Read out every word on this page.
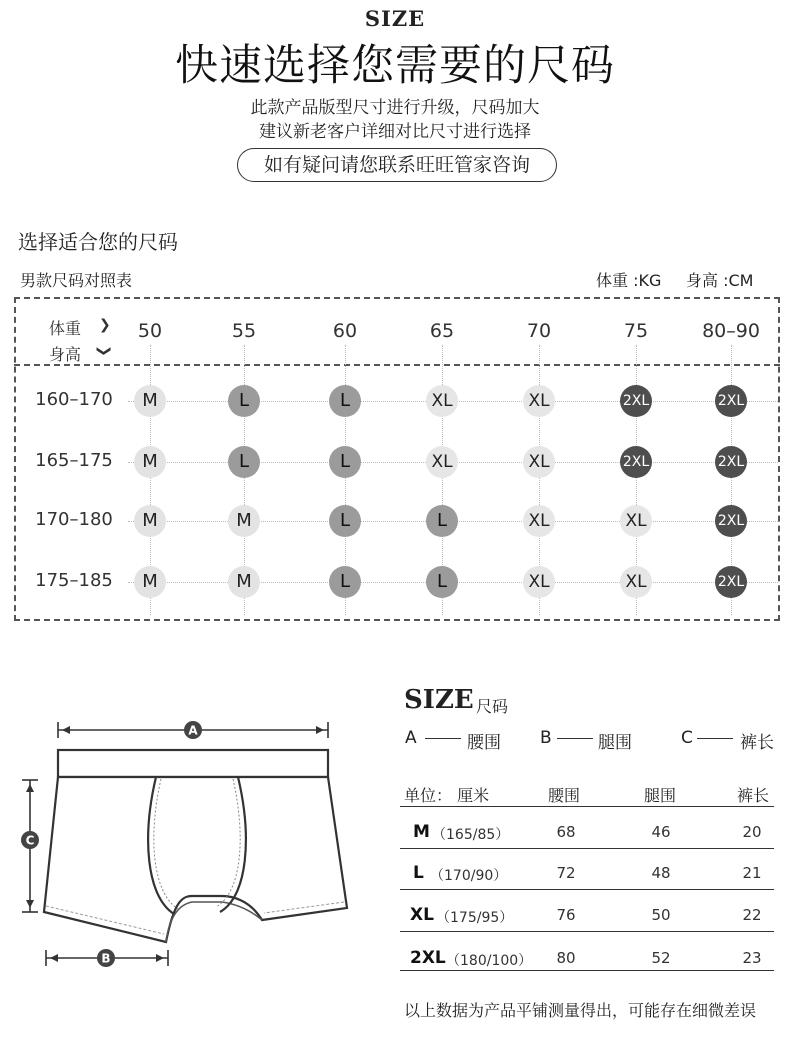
SIZE
快速选择您需要的尺码
此款产品版型尺寸进行升级，尺码加大
建议新老客户详细对比尺寸进行选择
如有疑问请您联系旺旺管家咨询
选择适合您的尺码
男款尺码对照表	体重 :KG 身高 :CM
体重 ❯
身高 ❯
50	55	60	65	70	75	80–90
160–170	M	L	L	XL	XL	2XL	2XL
165–175	M	L	L	XL	XL	2XL	2XL
170–180	M	M	L	L	XL	XL	2XL
175–185	M	M	L	L	XL	XL	2XL
A
C
B
SIZE 尺码
A	腰围 B	腿围	C	裤长
单位： 厘米	腰围	腿围	裤长
M （165/85）	68	46	20
L （170/90）	72	48	21
XL （175/95）	76	50	22
2XL （180/100）	80	52	23
以上数据为产品平铺测量得出，可能存在细微差误
